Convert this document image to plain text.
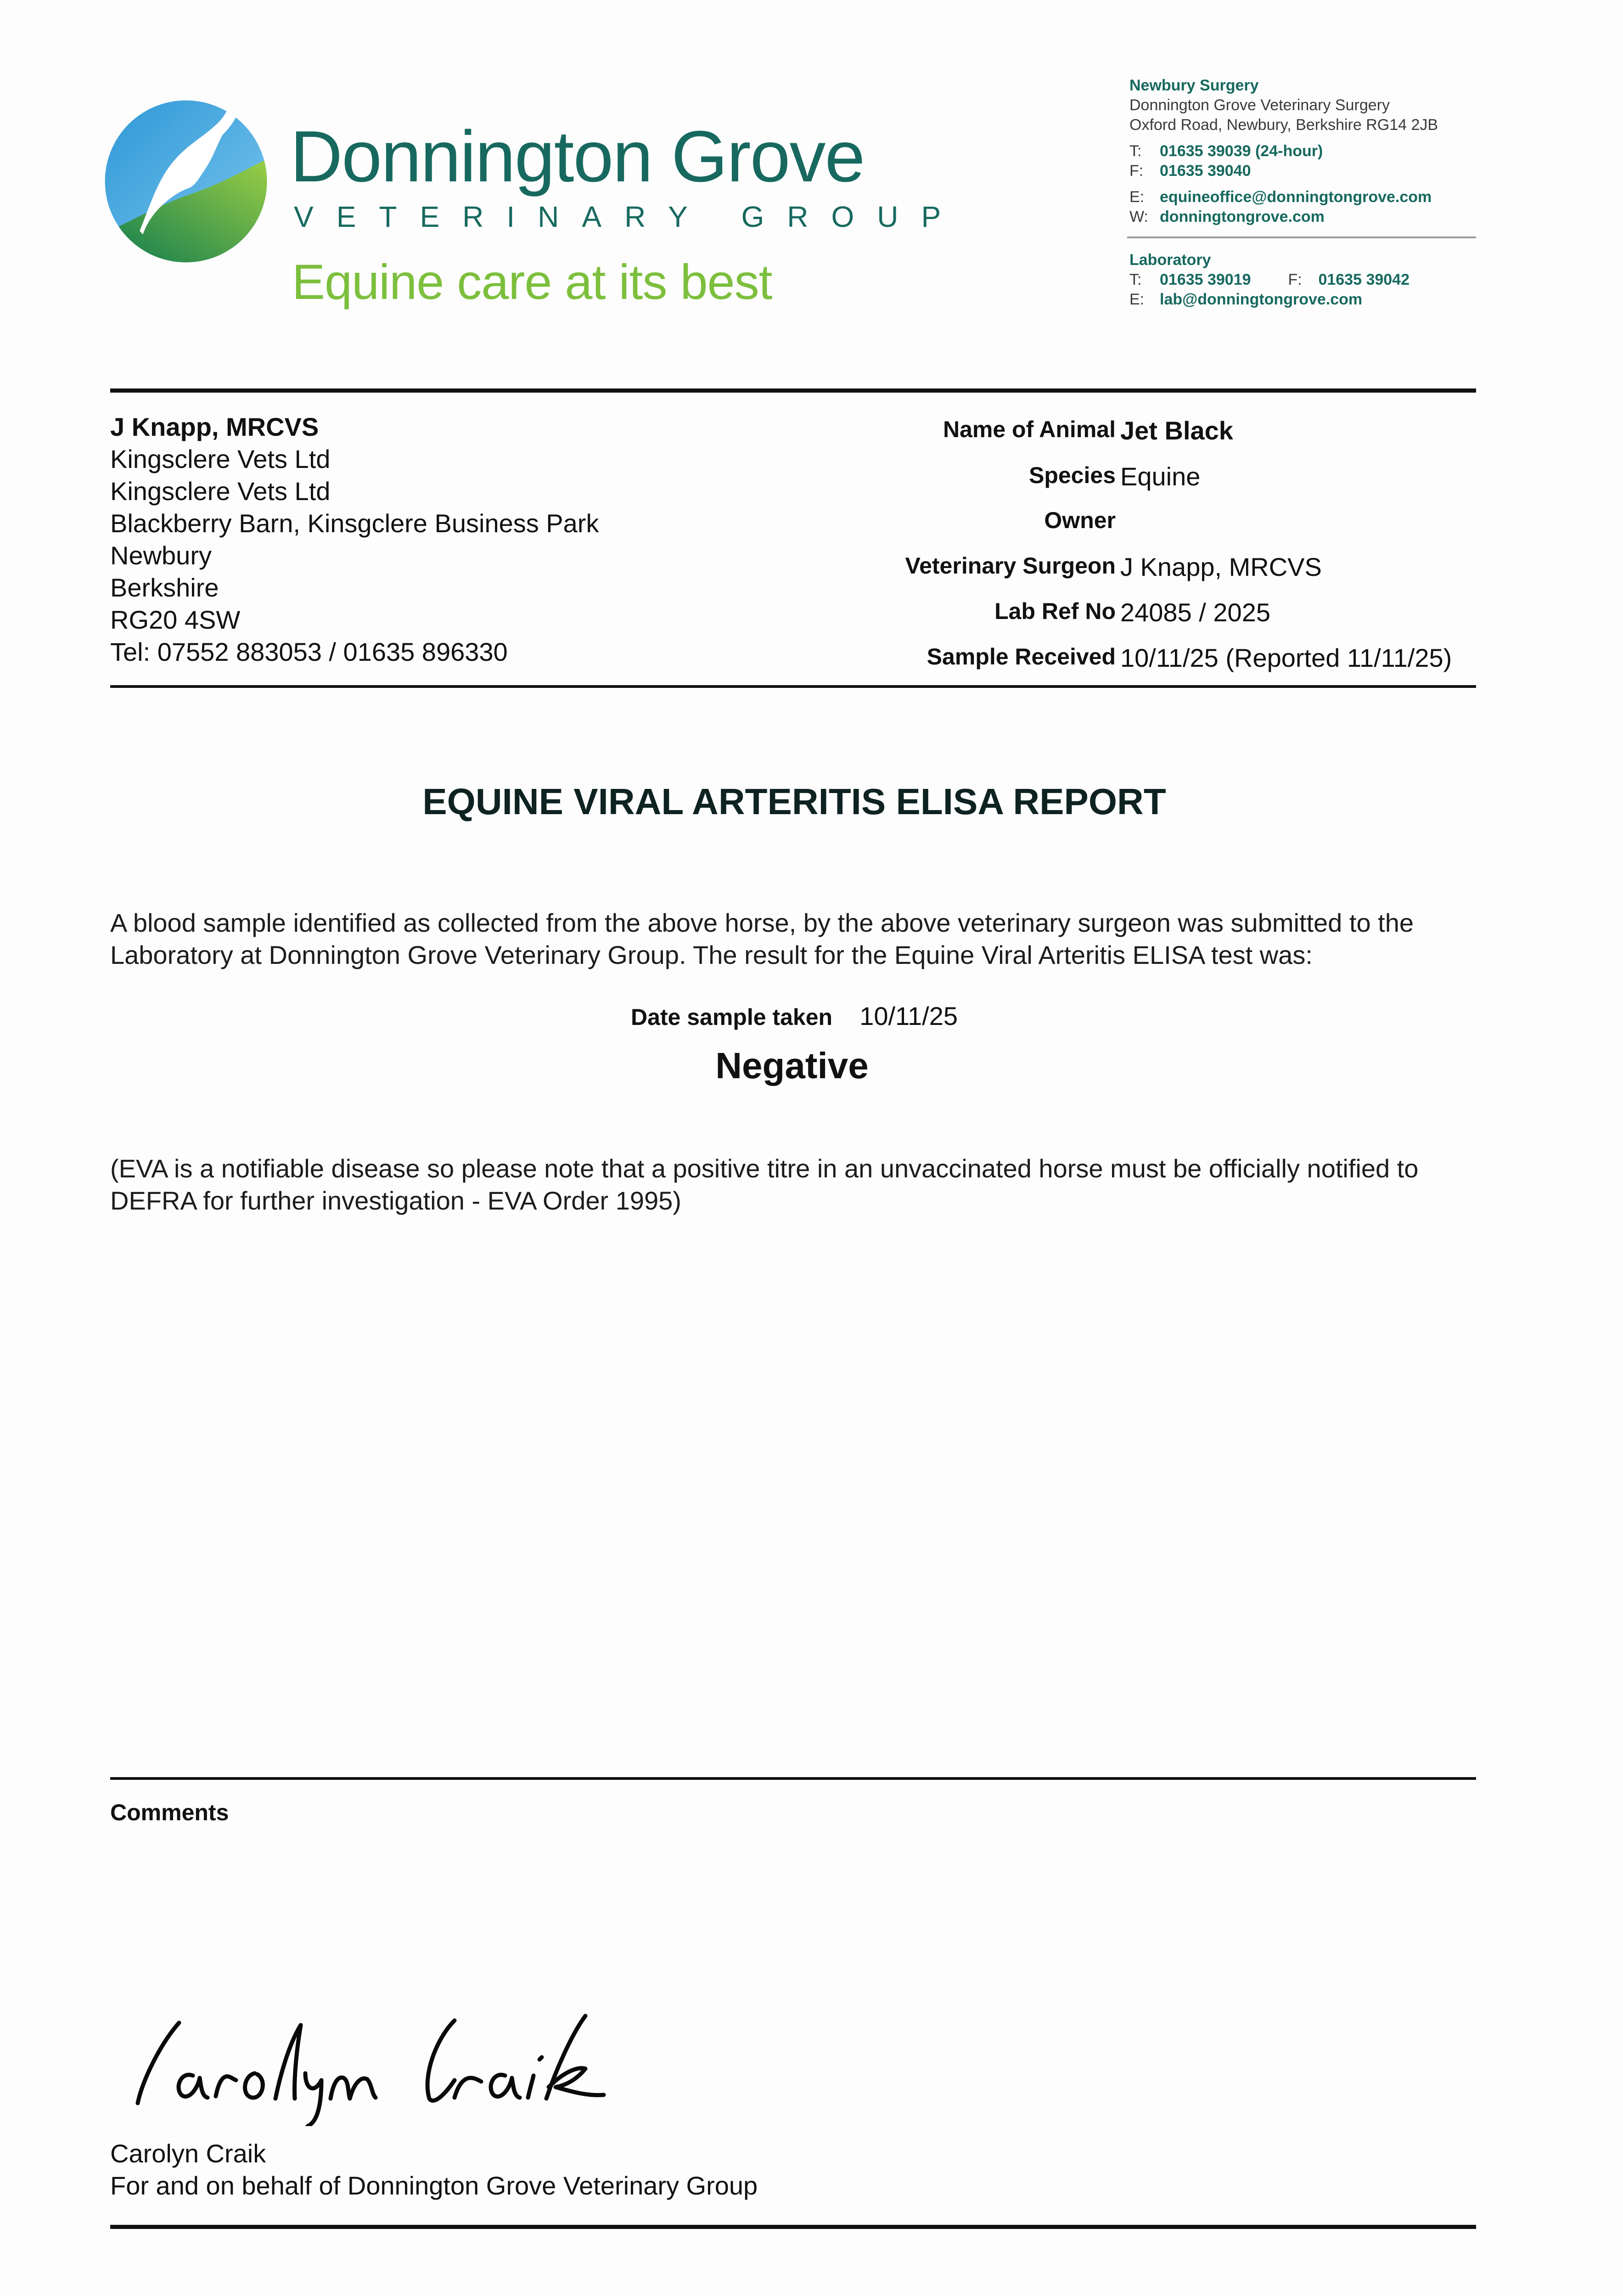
Donnington Grove
VETERINARY GROUP
Equine care at its best
Newbury Surgery
Donnington Grove Veterinary Surgery
Oxford Road, Newbury, Berkshire RG14 2JB
T: 01635 39039 (24-hour)
F: 01635 39040
E: equineoffice@donningtongrove.com
W: donningtongrove.com
Laboratory
T: 01635 39019 F: 01635 39042
E: lab@donningtongrove.com
J Knapp, MRCVS
Kingsclere Vets Ltd
Kingsclere Vets Ltd
Blackberry Barn, Kinsgclere Business Park
Newbury
Berkshire
RG20 4SW
Tel: 07552 883053 / 01635 896330
Name of Animal Jet Black
Species Equine
Owner
Veterinary Surgeon J Knapp, MRCVS
Lab Ref No 24085 / 2025
Sample Received 10/11/25 (Reported 11/11/25)
EQUINE VIRAL ARTERITIS ELISA REPORT
A blood sample identified as collected from the above horse, by the above veterinary surgeon was submitted to the Laboratory at Donnington Grove Veterinary Group. The result for the Equine Viral Arteritis ELISA test was:
Date sample taken 10/11/25
Negative
(EVA is a notifiable disease so please note that a positive titre in an unvaccinated horse must be officially notified to DEFRA for further investigation - EVA Order 1995)
Comments
Carolyn Craik
For and on behalf of Donnington Grove Veterinary Group
